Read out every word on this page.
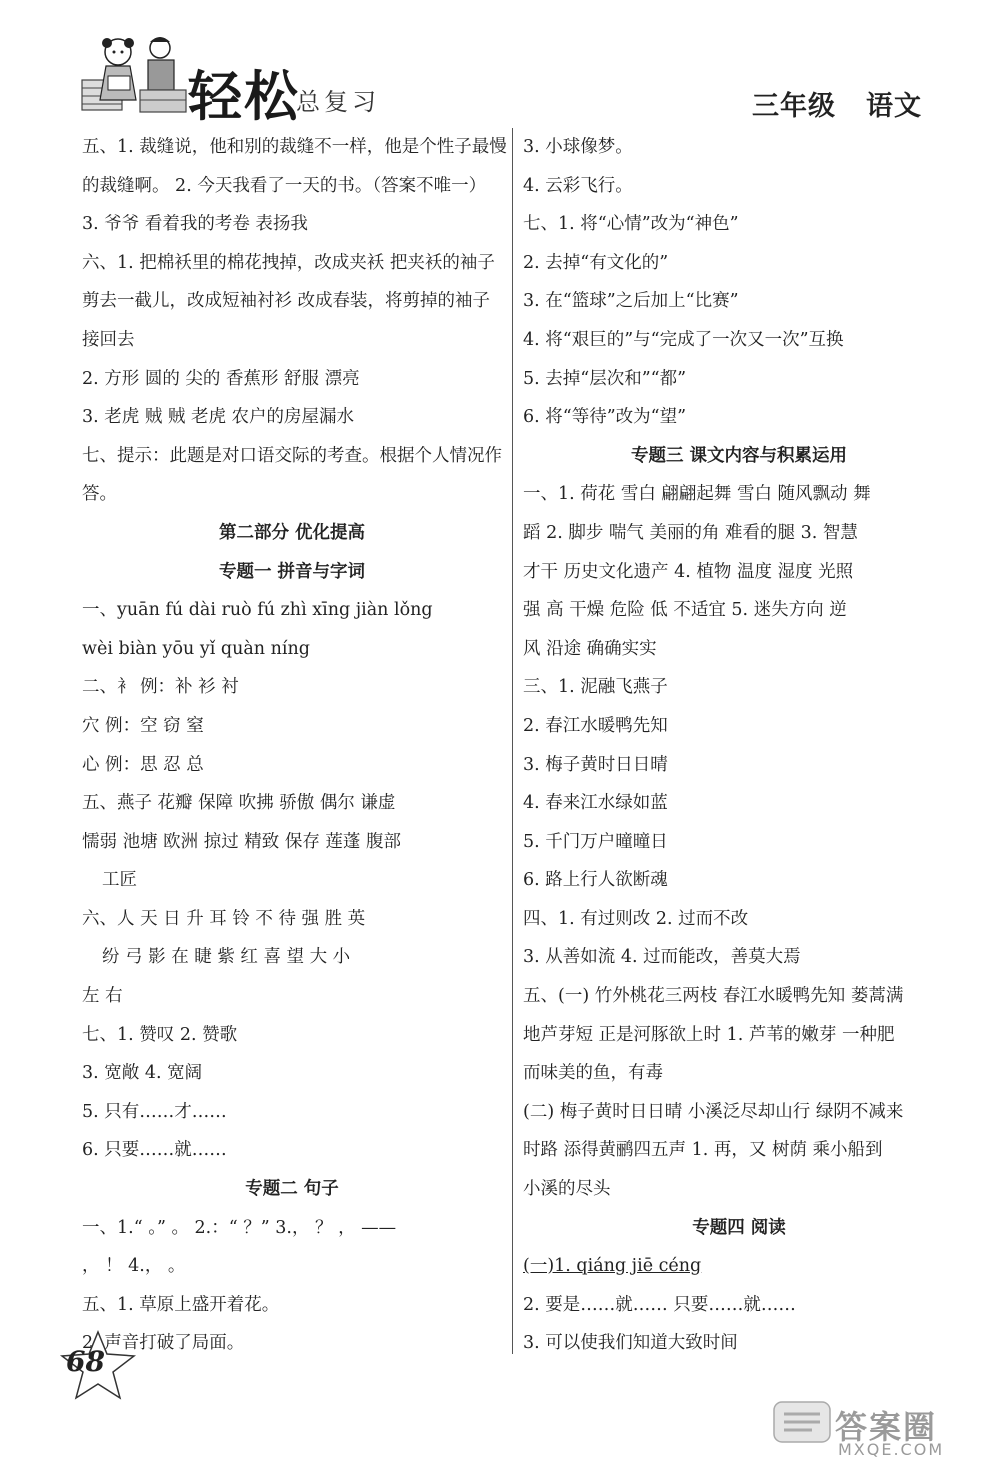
轻松
总复习	三年级 语文
五、1. 裁缝说，他和别的裁缝不一样，他是个性子最慢
的裁缝啊。 2. 今天我看了一天的书。（答案不唯一）
3. 爷爷 看着我的考卷 表扬我
六、1. 把棉袄里的棉花拽掉，改成夹袄 把夹袄的袖子
剪去一截儿，改成短袖衬衫 改成春装，将剪掉的袖子
接回去
2. 方形 圆的 尖的 香蕉形 舒服 漂亮
3. 老虎 贼 贼 老虎 农户的房屋漏水
七、提示：此题是对口语交际的考查。根据个人情况作
答。
第二部分 优化提高
专题一 拼音与字词
一、yuān fú dài ruò fú zhì xīng jiàn lǒng
wèi biàn yōu yǐ quàn níng
二、衤 例：补 衫 衬
穴 例：空 窃 窒
心 例：思 忍 总
五、燕子 花瓣 保障 吹拂 骄傲 偶尔 谦虚
懦弱 池塘 欧洲 掠过 精致 保存 莲蓬 腹部
工匠
六、人 天 日 升 耳 铃 不 待 强 胜 英
纷 弓 影 在 睫 紫 红 喜 望 大 小
左 右
七、1. 赞叹 2. 赞歌
3. 宽敞 4. 宽阔
5. 只有……才……
6. 只要……就……
专题二 句子
一、1.“ 。” 。 2.：“ ？” 3.， ？ ， ——
， ！ 4.， 。
五、1. 草原上盛开着花。
2. 声音打破了局面。
3. 小球像梦。
4. 云彩飞行。
七、1. 将“心情”改为“神色”
2. 去掉“有文化的”
3. 在“篮球”之后加上“比赛”
4. 将“艰巨的”与“完成了一次又一次”互换
5. 去掉“层次和”“都”
6. 将“等待”改为“望”
专题三 课文内容与积累运用
一、1. 荷花 雪白 翩翩起舞 雪白 随风飘动 舞
蹈 2. 脚步 喘气 美丽的角 难看的腿 3. 智慧
才干 历史文化遗产 4. 植物 温度 湿度 光照
强 高 干燥 危险 低 不适宜 5. 迷失方向 逆
风 沿途 确确实实
三、1. 泥融飞燕子
2. 春江水暖鸭先知
3. 梅子黄时日日晴
4. 春来江水绿如蓝
5. 千门万户曈曈日
6. 路上行人欲断魂
四、1. 有过则改 2. 过而不改
3. 从善如流 4. 过而能改，善莫大焉
五、(一) 竹外桃花三两枝 春江水暖鸭先知 蒌蒿满
地芦芽短 正是河豚欲上时 1. 芦苇的嫩芽 一种肥
而味美的鱼，有毒
(二) 梅子黄时日日晴 小溪泛尽却山行 绿阴不减来
时路 添得黄鹂四五声 1. 再，又 树荫 乘小船到
小溪的尽头
专题四 阅读
(一)1. qiáng jiē céng
2. 要是……就…… 只要……就……
3. 可以使我们知道大致时间
68
答案圈
MXQE.COM
